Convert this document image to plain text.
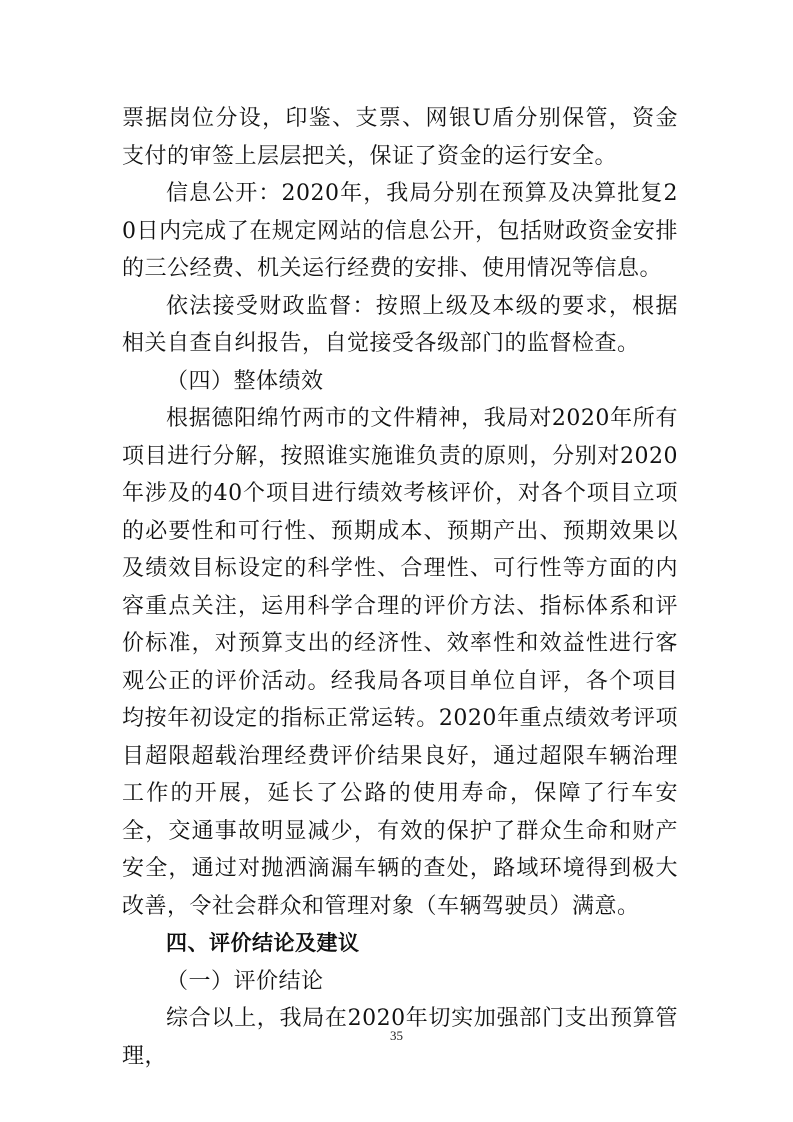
票据岗位分设，印鉴、支票、网银U盾分别保管，资金支付的审签上层层把关，保证了资金的运行安全。

信息公开：2020年，我局分别在预算及决算批复20日内完成了在规定网站的信息公开，包括财政资金安排的三公经费、机关运行经费的安排、使用情况等信息。

依法接受财政监督：按照上级及本级的要求，根据相关自查自纠报告，自觉接受各级部门的监督检查。

（四）整体绩效

根据德阳绵竹两市的文件精神，我局对2020年所有项目进行分解，按照谁实施谁负责的原则，分别对2020年涉及的40个项目进行绩效考核评价，对各个项目立项的必要性和可行性、预期成本、预期产出、预期效果以及绩效目标设定的科学性、合理性、可行性等方面的内容重点关注，运用科学合理的评价方法、指标体系和评价标准，对预算支出的经济性、效率性和效益性进行客观公正的评价活动。经我局各项目单位自评，各个项目均按年初设定的指标正常运转。2020年重点绩效考评项目超限超载治理经费评价结果良好，通过超限车辆治理工作的开展，延长了公路的使用寿命，保障了行车安全，交通事故明显减少，有效的保护了群众生命和财产安全，通过对抛洒滴漏车辆的查处，路域环境得到极大改善，令社会群众和管理对象（车辆驾驶员）满意。

四、评价结论及建议

（一）评价结论

综合以上，我局在2020年切实加强部门支出预算管理，

35
